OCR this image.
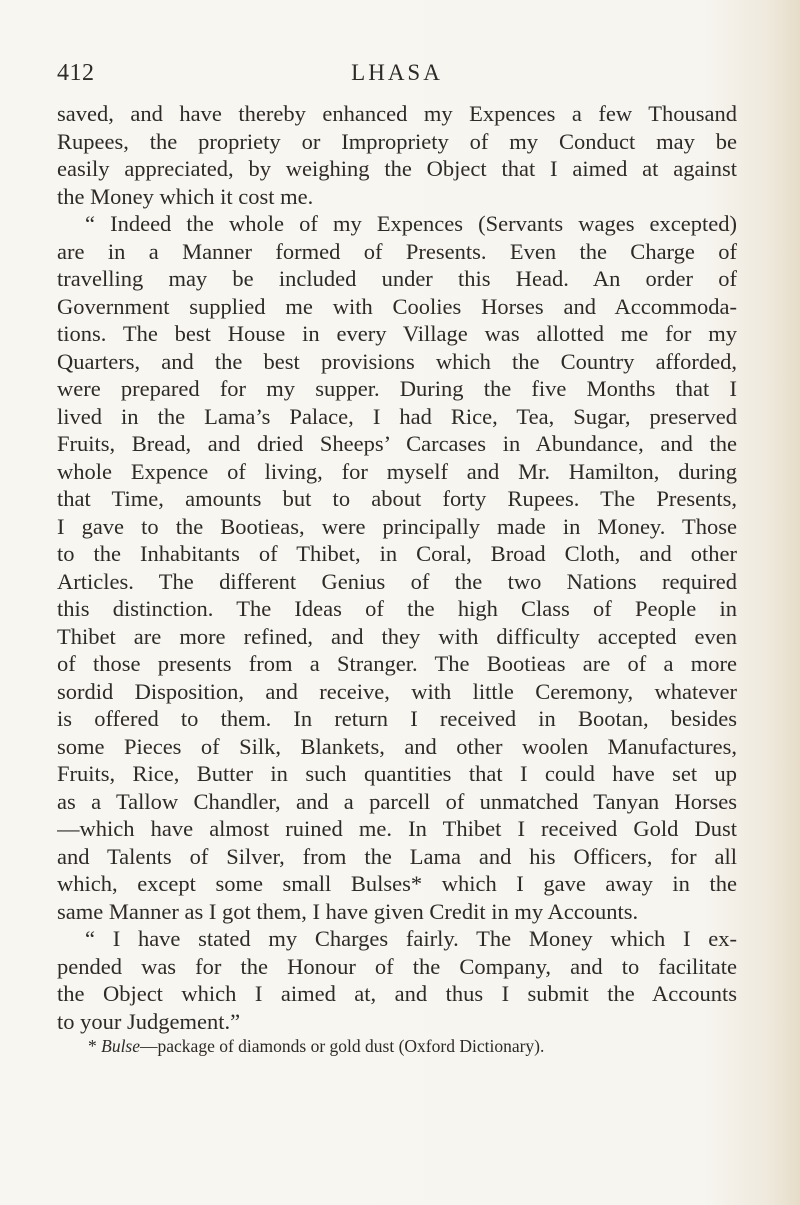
412	LHASA
saved, and have thereby enhanced my Expences a few Thousand
Rupees, the propriety or Impropriety of my Conduct may be
easily appreciated, by weighing the Object that I aimed at against
the Money which it cost me.
“ Indeed the whole of my Expences (Servants wages excepted)
are in a Manner formed of Presents. Even the Charge of
travelling may be included under this Head. An order of
Government supplied me with Coolies Horses and Accommoda-
tions. The best House in every Village was allotted me for my
Quarters, and the best provisions which the Country afforded,
were prepared for my supper. During the five Months that I
lived in the Lama’s Palace, I had Rice, Tea, Sugar, preserved
Fruits, Bread, and dried Sheeps’ Carcases in Abundance, and the
whole Expence of living, for myself and Mr. Hamilton, during
that Time, amounts but to about forty Rupees. The Presents,
I gave to the Bootieas, were principally made in Money. Those
to the Inhabitants of Thibet, in Coral, Broad Cloth, and other
Articles. The different Genius of the two Nations required
this distinction. The Ideas of the high Class of People in
Thibet are more refined, and they with difficulty accepted even
of those presents from a Stranger. The Bootieas are of a more
sordid Disposition, and receive, with little Ceremony, whatever
is offered to them. In return I received in Bootan, besides
some Pieces of Silk, Blankets, and other woolen Manufactures,
Fruits, Rice, Butter in such quantities that I could have set up
as a Tallow Chandler, and a parcell of unmatched Tanyan Horses
—which have almost ruined me. In Thibet I received Gold Dust
and Talents of Silver, from the Lama and his Officers, for all
which, except some small Bulses* which I gave away in the
same Manner as I got them, I have given Credit in my Accounts.
“ I have stated my Charges fairly. The Money which I ex-
pended was for the Honour of the Company, and to facilitate
the Object which I aimed at, and thus I submit the Accounts
to your Judgement.”
* Bulse—package of diamonds or gold dust (Oxford Dictionary).
